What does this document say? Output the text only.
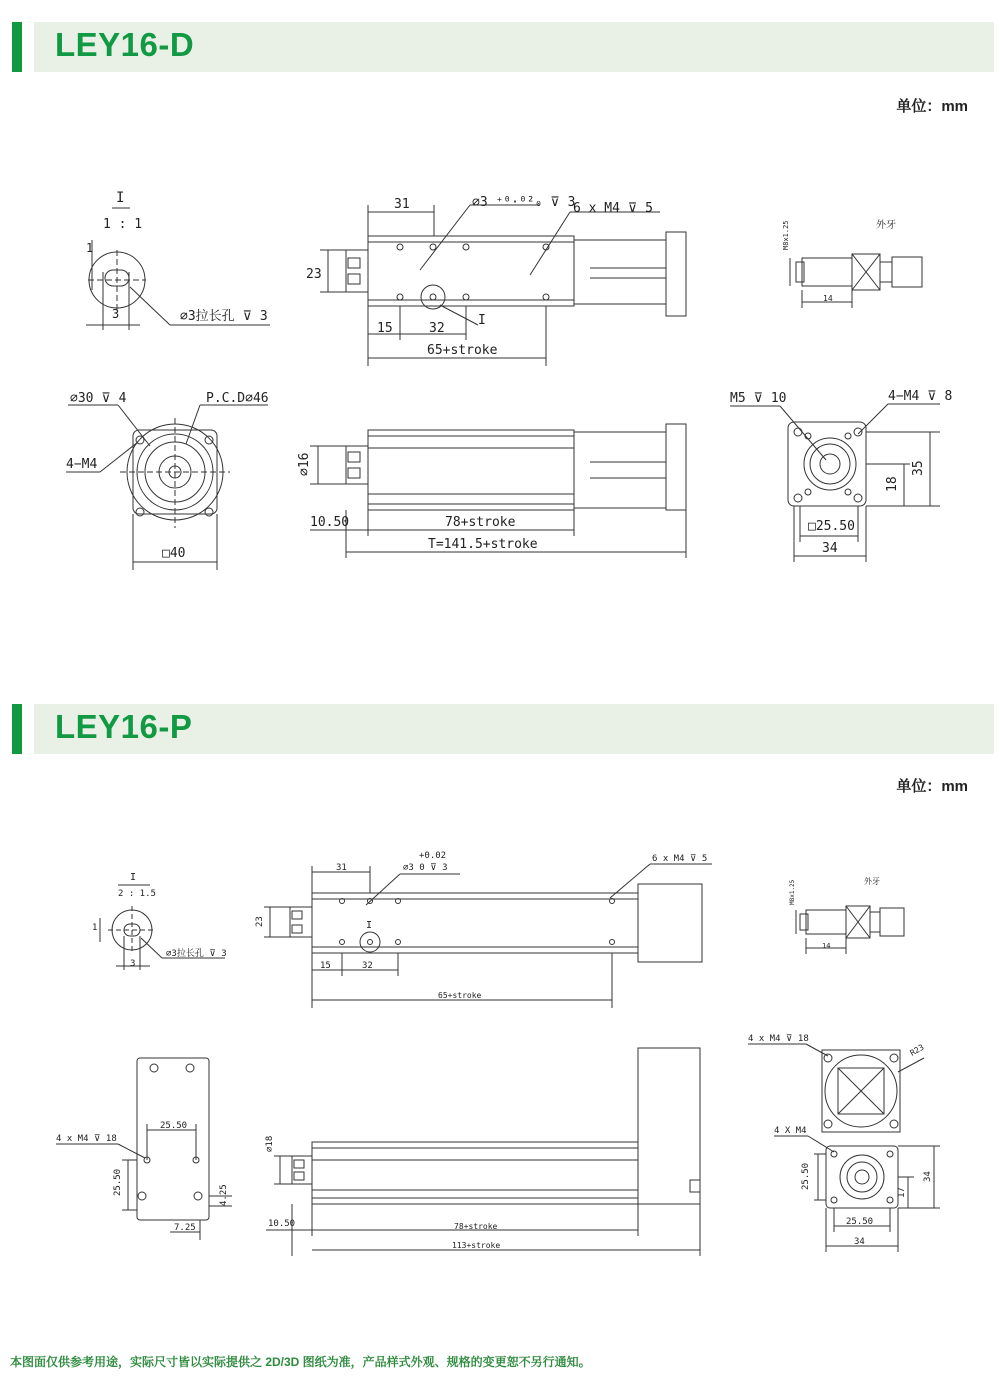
LEY16-D
单位：mm
LEY16-P
单位：mm
I
1 : 1
1
3	∅3拉长孔 ⊽ 3
31	∅3 ⁺⁰·⁰²₀ ⊽ 3
6 x M4 ⊽ 5
23
15	32
I
65+stroke
外牙
M8x1.25
14
∅30 ⊽ 4	P.C.D∅46
4−M4
□40
∅16
10.50	78+stroke
T=141.5+stroke
M5 ⊽ 10	4−M4 ⊽ 8
35
18
□25.50
34
I
2 : 1.5
1
3
∅3拉长孔 ⊽ 3
31
+0.02
∅3 0 ⊽ 3
6 x M4 ⊽ 5
23	I
15	32
65+stroke
外牙
M8x1.25
14
4 x M4 ⊽ 18
25.50
25.50	4.25
7.25
∅18
10.50	78+stroke
113+stroke
4 x M4 ⊽ 18
R23
4 X M4
25.50
17
34
25.50
34
本图面仅供参考用途，实际尺寸皆以实际提供之 2D/3D 图纸为准，产品样式外观、规格的变更恕不另行通知。
